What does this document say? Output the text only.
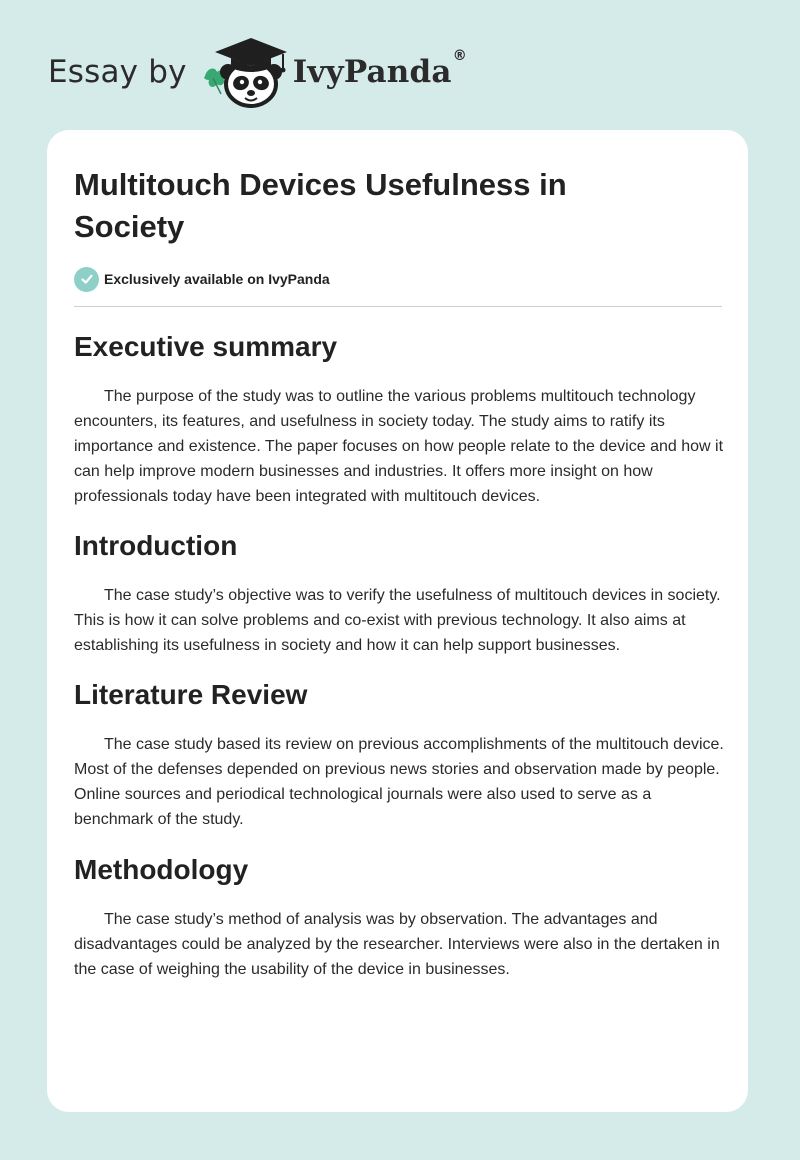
Essay by	IvyPanda®
Multitouch Devices Usefulness in Society
Exclusively available on IvyPanda
Executive summary

The purpose of the study was to outline the various problems multitouch technology encounters, its features, and usefulness in society today. The study aims to ratify its importance and existence. The paper focuses on how people relate to the device and how it can help improve modern businesses and industries. It offers more insight on how professionals today have been integrated with multitouch devices.

Introduction

The case study’s objective was to verify the usefulness of multitouch devices in society. This is how it can solve problems and co-exist with previous technology. It also aims at establishing its usefulness in society and how it can help support businesses.

Literature Review

The case study based its review on previous accomplishments of the multitouch device. Most of the defenses depended on previous news stories and observation made by people. Online sources and periodical technological journals were also used to serve as a benchmark of the study.

Methodology

The case study’s method of analysis was by observation. The advantages and disadvantages could be analyzed by the researcher. Interviews were also in the dertaken in the case of weighing the usability of the device in businesses.
